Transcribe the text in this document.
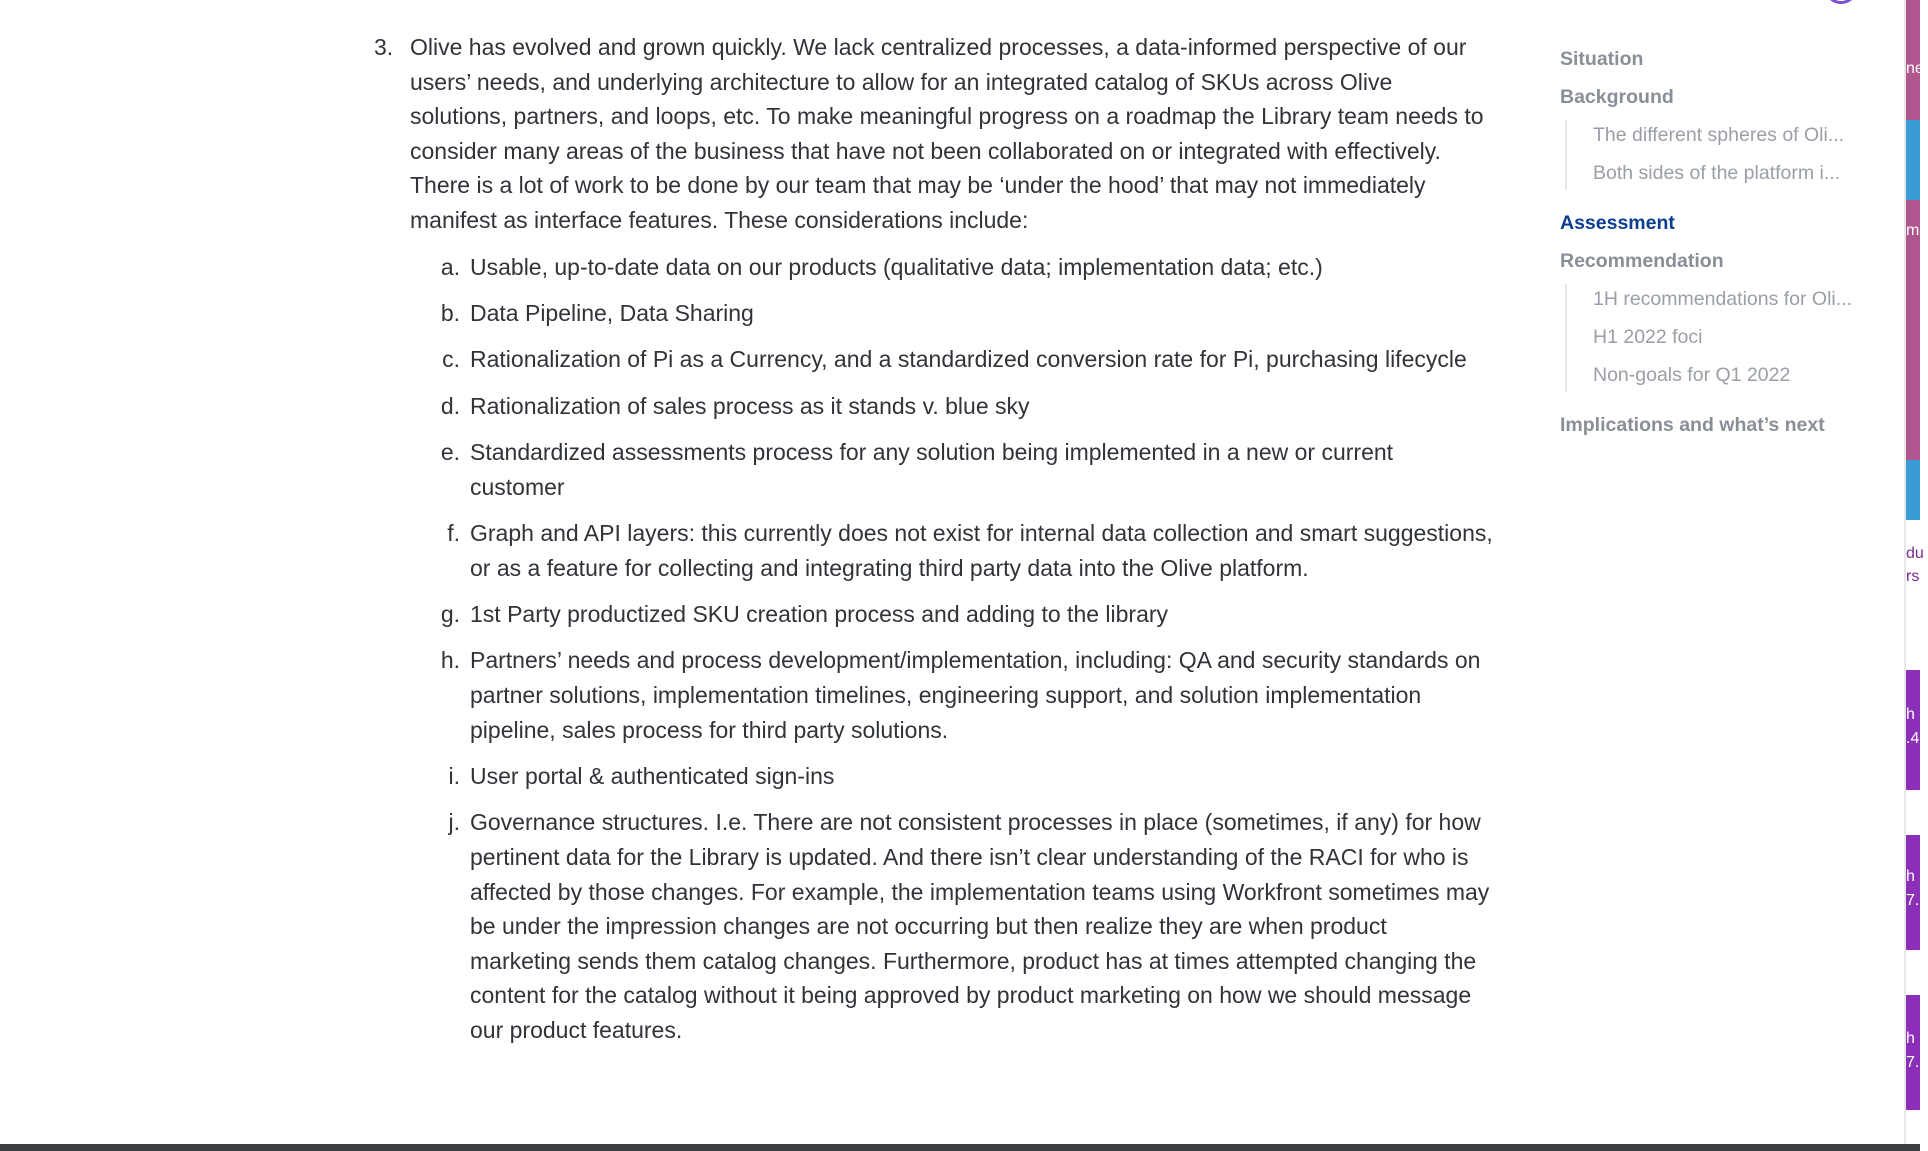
3. Olive has evolved and grown quickly. We lack centralized processes, a data-informed perspective of our users’ needs, and underlying architecture to allow for an integrated catalog of SKUs across Olive solutions, partners, and loops, etc. To make meaningful progress on a roadmap the Library team needs to consider many areas of the business that have not been collaborated on or integrated with effectively. There is a lot of work to be done by our team that may be ‘under the hood’ that may not immediately manifest as interface features. These considerations include:
a. Usable, up-to-date data on our products (qualitative data; implementation data; etc.)
b. Data Pipeline, Data Sharing
c. Rationalization of Pi as a Currency, and a standardized conversion rate for Pi, purchasing lifecycle
d. Rationalization of sales process as it stands v. blue sky
e. Standardized assessments process for any solution being implemented in a new or current customer
f. Graph and API layers: this currently does not exist for internal data collection and smart suggestions, or as a feature for collecting and integrating third party data into the Olive platform.
g. 1st Party productized SKU creation process and adding to the library
h. Partners’ needs and process development/implementation, including: QA and security standards on partner solutions, implementation timelines, engineering support, and solution implementation pipeline, sales process for third party solutions.
i. User portal & authenticated sign-ins
j. Governance structures. I.e. There are not consistent processes in place (sometimes, if any) for how pertinent data for the Library is updated. And there isn’t clear understanding of the RACI for who is affected by those changes. For example, the implementation teams using Workfront sometimes may be under the impression changes are not occurring but then realize they are when product marketing sends them catalog changes. Furthermore, product has at times attempted changing the content for the catalog without it being approved by product marketing on how we should message our product features.
Situation
Background
The different spheres of Oli...
Both sides of the platform i...
Assessment
Recommendation
1H recommendations for Oli...
H1 2022 foci
Non-goals for Q1 2022
Implications and what’s next
ne
m
du
rs
h
.4
h
7.1
h
7.5
